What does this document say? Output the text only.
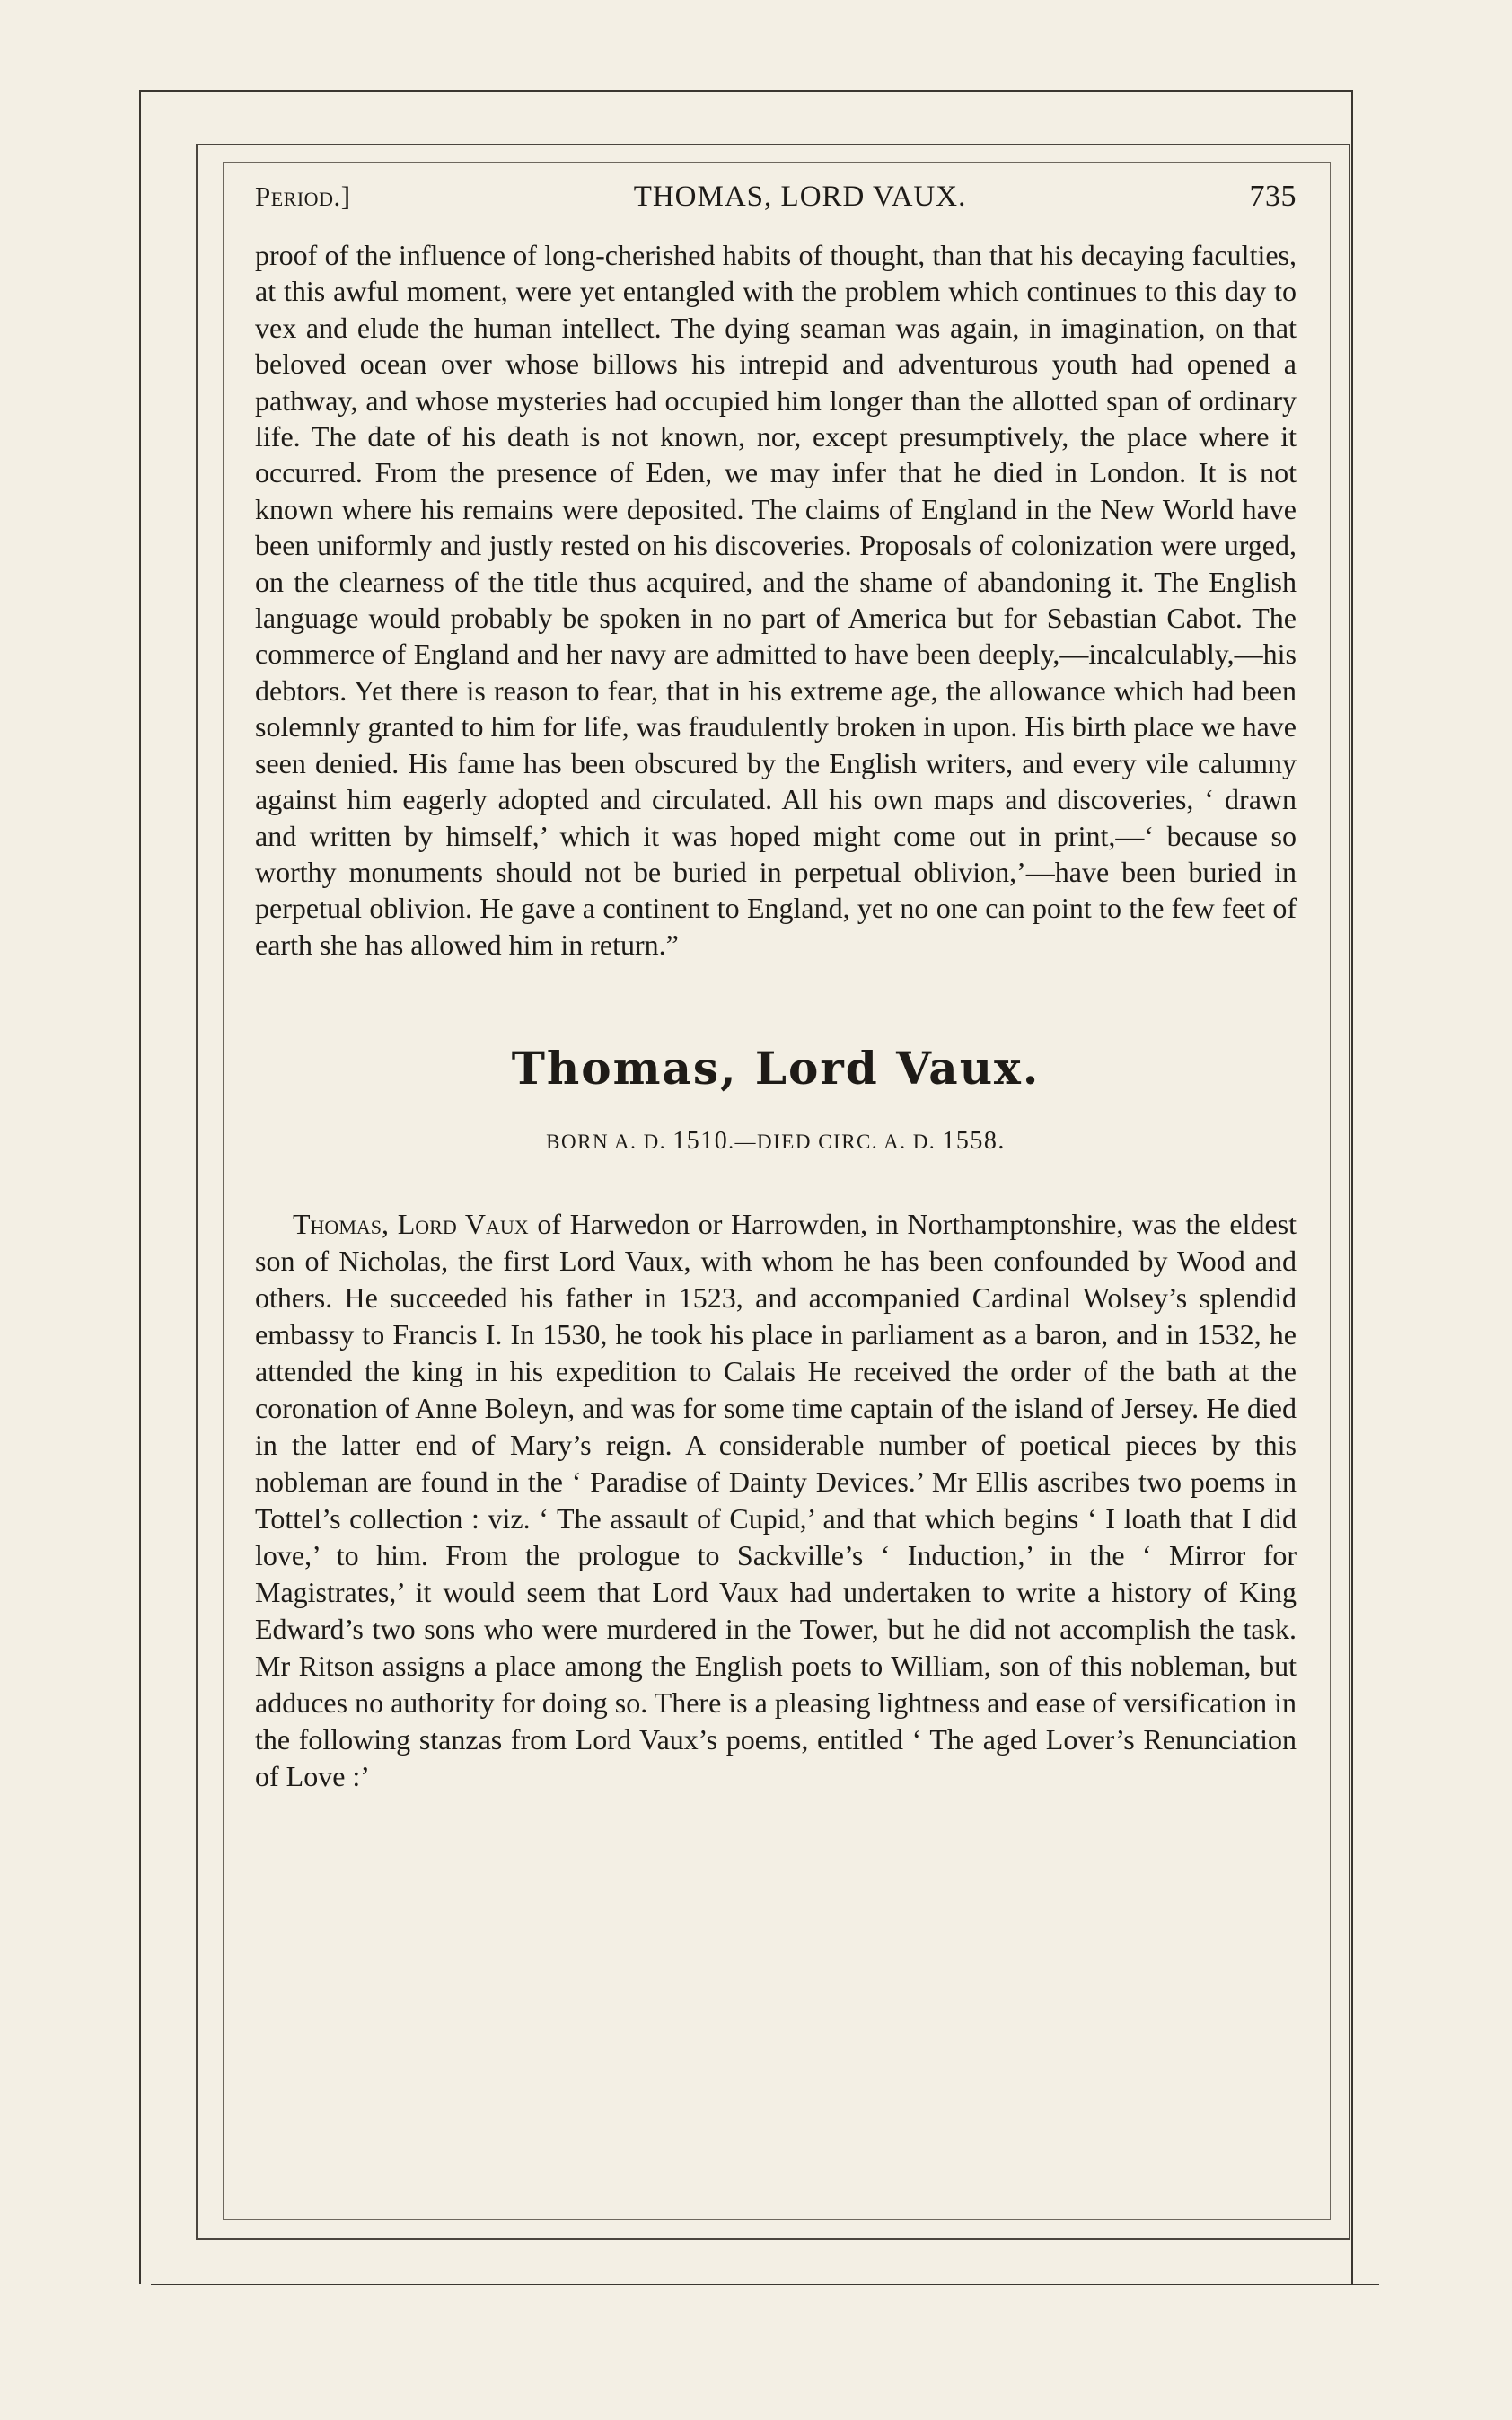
Period.]	THOMAS, LORD VAUX.	735

proof of the influence of long-cherished habits of thought, than that his decaying faculties, at this awful moment, were yet entangled with the problem which continues to this day to vex and elude the human intellect. The dying seaman was again, in imagination, on that beloved ocean over whose billows his intrepid and adventurous youth had opened a pathway, and whose mysteries had occupied him longer than the allotted span of ordinary life. The date of his death is not known, nor, except presumptively, the place where it occurred. From the presence of Eden, we may infer that he died in London. It is not known where his remains were deposited. The claims of England in the New World have been uniformly and justly rested on his discoveries. Proposals of colonization were urged, on the clearness of the title thus acquired, and the shame of abandoning it. The English language would probably be spoken in no part of America but for Sebastian Cabot. The commerce of England and her navy are admitted to have been deeply,—incalculably,—his debtors. Yet there is reason to fear, that in his extreme age, the allowance which had been solemnly granted to him for life, was fraudulently broken in upon. His birth place we have seen denied. His fame has been obscured by the English writers, and every vile calumny against him eagerly adopted and circulated. All his own maps and discoveries, ‘ drawn and written by himself,’ which it was hoped might come out in print,—‘ because so worthy monuments should not be buried in perpetual oblivion,’—have been buried in perpetual oblivion. He gave a continent to England, yet no one can point to the few feet of earth she has allowed him in return.”

Thomas, Lord Vaux.
BORN A. D. 1510.—DIED CIRC. A. D. 1558.

Thomas, Lord Vaux of Harwedon or Harrowden, in Northamptonshire, was the eldest son of Nicholas, the first Lord Vaux, with whom he has been confounded by Wood and others. He succeeded his father in 1523, and accompanied Cardinal Wolsey’s splendid embassy to Francis I. In 1530, he took his place in parliament as a baron, and in 1532, he attended the king in his expedition to Calais He received the order of the bath at the coronation of Anne Boleyn, and was for some time captain of the island of Jersey. He died in the latter end of Mary’s reign. A considerable number of poetical pieces by this nobleman are found in the ‘ Paradise of Dainty Devices.’ Mr Ellis ascribes two poems in Tottel’s collection : viz. ‘ The assault of Cupid,’ and that which begins ‘ I loath that I did love,’ to him. From the prologue to Sackville’s ‘ Induction,’ in the ‘ Mirror for Magistrates,’ it would seem that Lord Vaux had undertaken to write a history of King Edward’s two sons who were murdered in the Tower, but he did not accomplish the task. Mr Ritson assigns a place among the English poets to William, son of this nobleman, but adduces no authority for doing so. There is a pleasing lightness and ease of versification in the following stanzas from Lord Vaux’s poems, entitled ‘ The aged Lover’s Renunciation of Love :’
